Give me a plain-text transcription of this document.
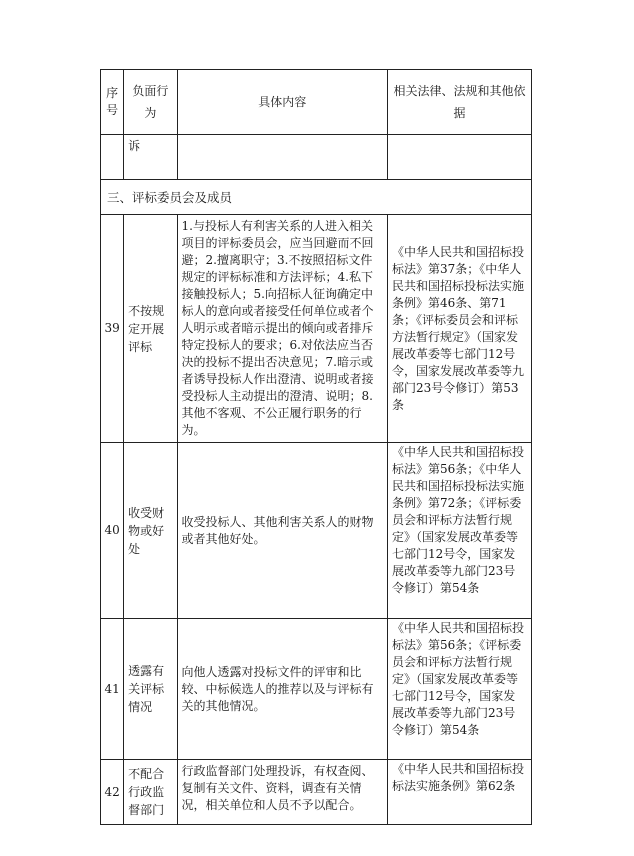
序号	负面行为	具体内容	相关法律、法规和其他依据
	诉		
三、评标委员会及成员			
39	不按规定开展评标	1.与投标人有利害关系的人进入相关项目的评标委员会，应当回避而不回避；2.擅离职守；3.不按照招标文件规定的评标标准和方法评标；4.私下接触投标人；5.向招标人征询确定中标人的意向或者接受任何单位或者个人明示或者暗示提出的倾向或者排斥特定投标人的要求；6.对依法应当否决的投标不提出否决意见；7.暗示或者诱导投标人作出澄清、说明或者接受投标人主动提出的澄清、说明；8.其他不客观、不公正履行职务的行为。	《中华人民共和国招标投标法》第37条；《中华人民共和国招标投标法实施条例》第46条、第71条；《评标委员会和评标方法暂行规定》（国家发展改革委等七部门12号令，国家发展改革委等九部门23号令修订）第53条
40	收受财物或好处	收受投标人、其他利害关系人的财物或者其他好处。	《中华人民共和国招标投标法》第56条；《中华人民共和国招标投标法实施条例》第72条；《评标委员会和评标方法暂行规定》（国家发展改革委等七部门12号令，国家发展改革委等九部门23号令修订）第54条
41	透露有关评标情况	向他人透露对投标文件的评审和比较、中标候选人的推荐以及与评标有关的其他情况。	《中华人民共和国招标投标法》第56条；《评标委员会和评标方法暂行规定》（国家发展改革委等七部门12号令，国家发展改革委等九部门23号令修订）第54条
42	不配合行政监督部门	行政监督部门处理投诉，有权查阅、复制有关文件、资料，调查有关情况，相关单位和人员不予以配合。	《中华人民共和国招标投标法实施条例》第62条
